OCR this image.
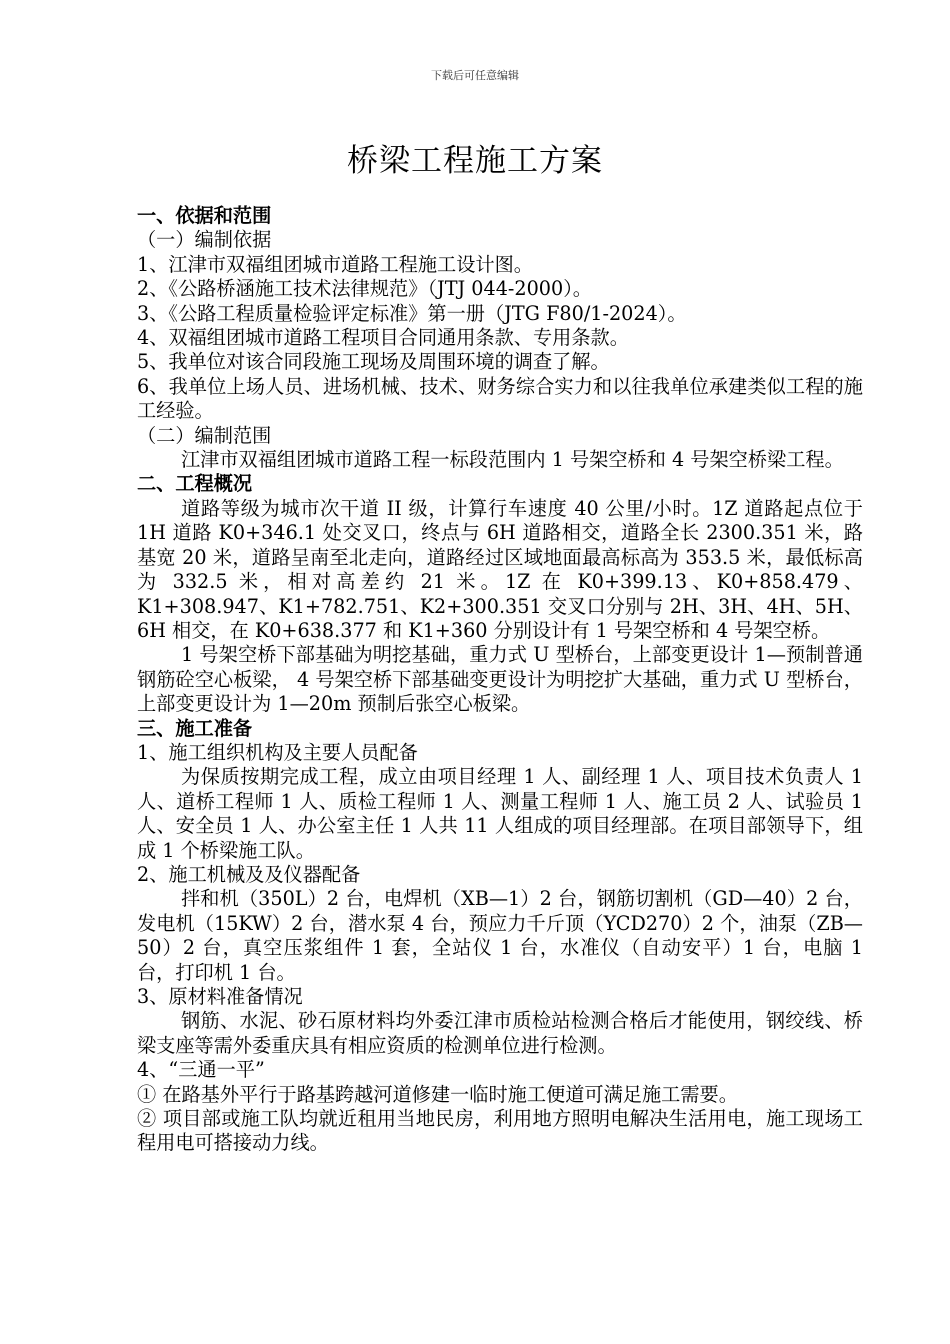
下载后可任意编辑
桥梁工程施工方案

一、依据和范围

（一）编制依据

1、江津市双福组团城市道路工程施工设计图。

2、《公路桥涵施工技术法律规范》（JTJ 044-2000）。

3、《公路工程质量检验评定标准》第一册（JTG F80/1-2024）。

4、双福组团城市道路工程项目合同通用条款、专用条款。

5、我单位对该合同段施工现场及周围环境的调查了解。

6、我单位上场人员、进场机械、技术、财务综合实力和以往我单位承建类似工程的施工经验。

（二）编制范围

江津市双福组团城市道路工程一标段范围内 1 号架空桥和 4 号架空桥梁工程。

二、工程概况

道路等级为城市次干道 II 级，计算行车速度 40 公里/小时。1Z 道路起点位于 1H 道路 K0+346.1 处交叉口，终点与 6H 道路相交，道路全长 2300.351 米，路基宽 20 米，道路呈南至北走向，道路经过区域地面最高标高为 353.5 米，最低标高为 332.5 米，相对高差约 21 米。1Z 在 K0+399.13、K0+858.479、K1+308.947、K1+782.751、K2+300.351 交叉口分别与 2H、3H、4H、5H、6H 相交，在 K0+638.377 和 K1+360 分别设计有 1 号架空桥和 4 号架空桥。

1 号架空桥下部基础为明挖基础，重力式 U 型桥台，上部变更设计 1—预制普通钢筋砼空心板梁， 4 号架空桥下部基础变更设计为明挖扩大基础，重力式 U 型桥台，上部变更设计为 1—20m 预制后张空心板梁。

三、施工准备

1、施工组织机构及主要人员配备

为保质按期完成工程，成立由项目经理 1 人、副经理 1 人、项目技术负责人 1 人、道桥工程师 1 人、质检工程师 1 人、测量工程师 1 人、施工员 2 人、试验员 1 人、安全员 1 人、办公室主任 1 人共 11 人组成的项目经理部。在项目部领导下，组成 1 个桥梁施工队。

2、施工机械及及仪器配备

拌和机（350L）2 台，电焊机（XB—1）2 台，钢筋切割机（GD—40）2 台，发电机（15KW）2 台，潜水泵 4 台，预应力千斤顶（YCD270）2 个，油泵（ZB—50）2 台，真空压浆组件 1 套，全站仪 1 台，水准仪（自动安平）1 台，电脑 1 台，打印机 1 台。

3、原材料准备情况

钢筋、水泥、砂石原材料均外委江津市质检站检测合格后才能使用，钢绞线、桥梁支座等需外委重庆具有相应资质的检测单位进行检测。

4、“三通一平”

① 在路基外平行于路基跨越河道修建一临时施工便道可满足施工需要。

② 项目部或施工队均就近租用当地民房，利用地方照明电解决生活用电，施工现场工程用电可搭接动力线。
